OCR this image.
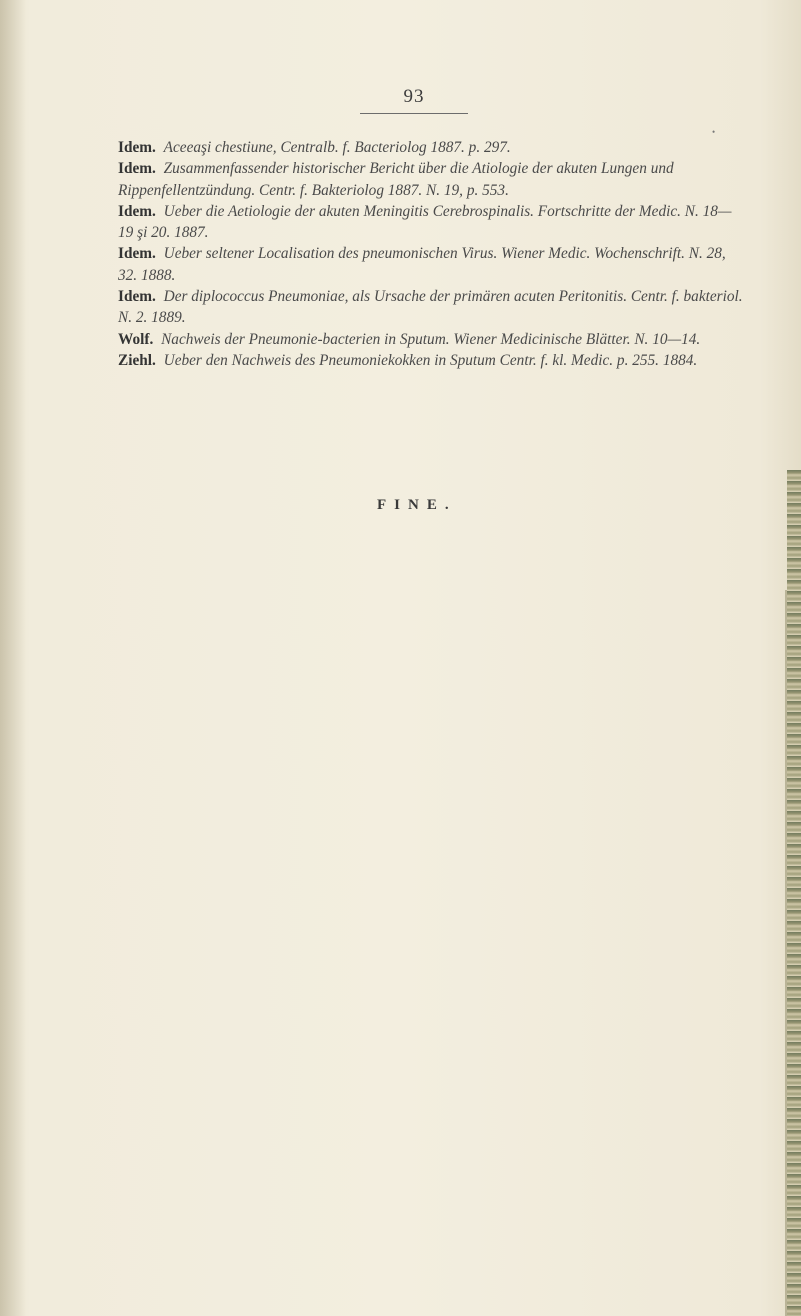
93
•
Idem. Aceeaşi chestiune, Centralb. f. Bacteriolog 1887. p. 297.
Idem. Zusammenfassender historischer Bericht über die Atiologie der akuten Lungen und Rippenfellentzündung. Centr. f. Bakteriolog 1887. N. 19, p. 553.
Idem. Ueber die Aetiologie der akuten Meningitis Cerebrospinalis. Fortschritte der Medic. N. 18—19 şi 20. 1887.
Idem. Ueber seltener Localisation des pneumonischen Virus. Wiener Medic. Wochenschrift. N. 28, 32. 1888.
Idem. Der diplococcus Pneumoniae, als Ursache der primären acuten Peritonitis. Centr. f. bakteriol. N. 2. 1889.
Wolf. Nachweis der Pneumonie-bacterien in Sputum. Wiener Medicinische Blätter. N. 10—14.
Ziehl. Ueber den Nachweis des Pneumoniekokken in Sputum Centr. f. kl. Medic. p. 255. 1884.
FINE.
